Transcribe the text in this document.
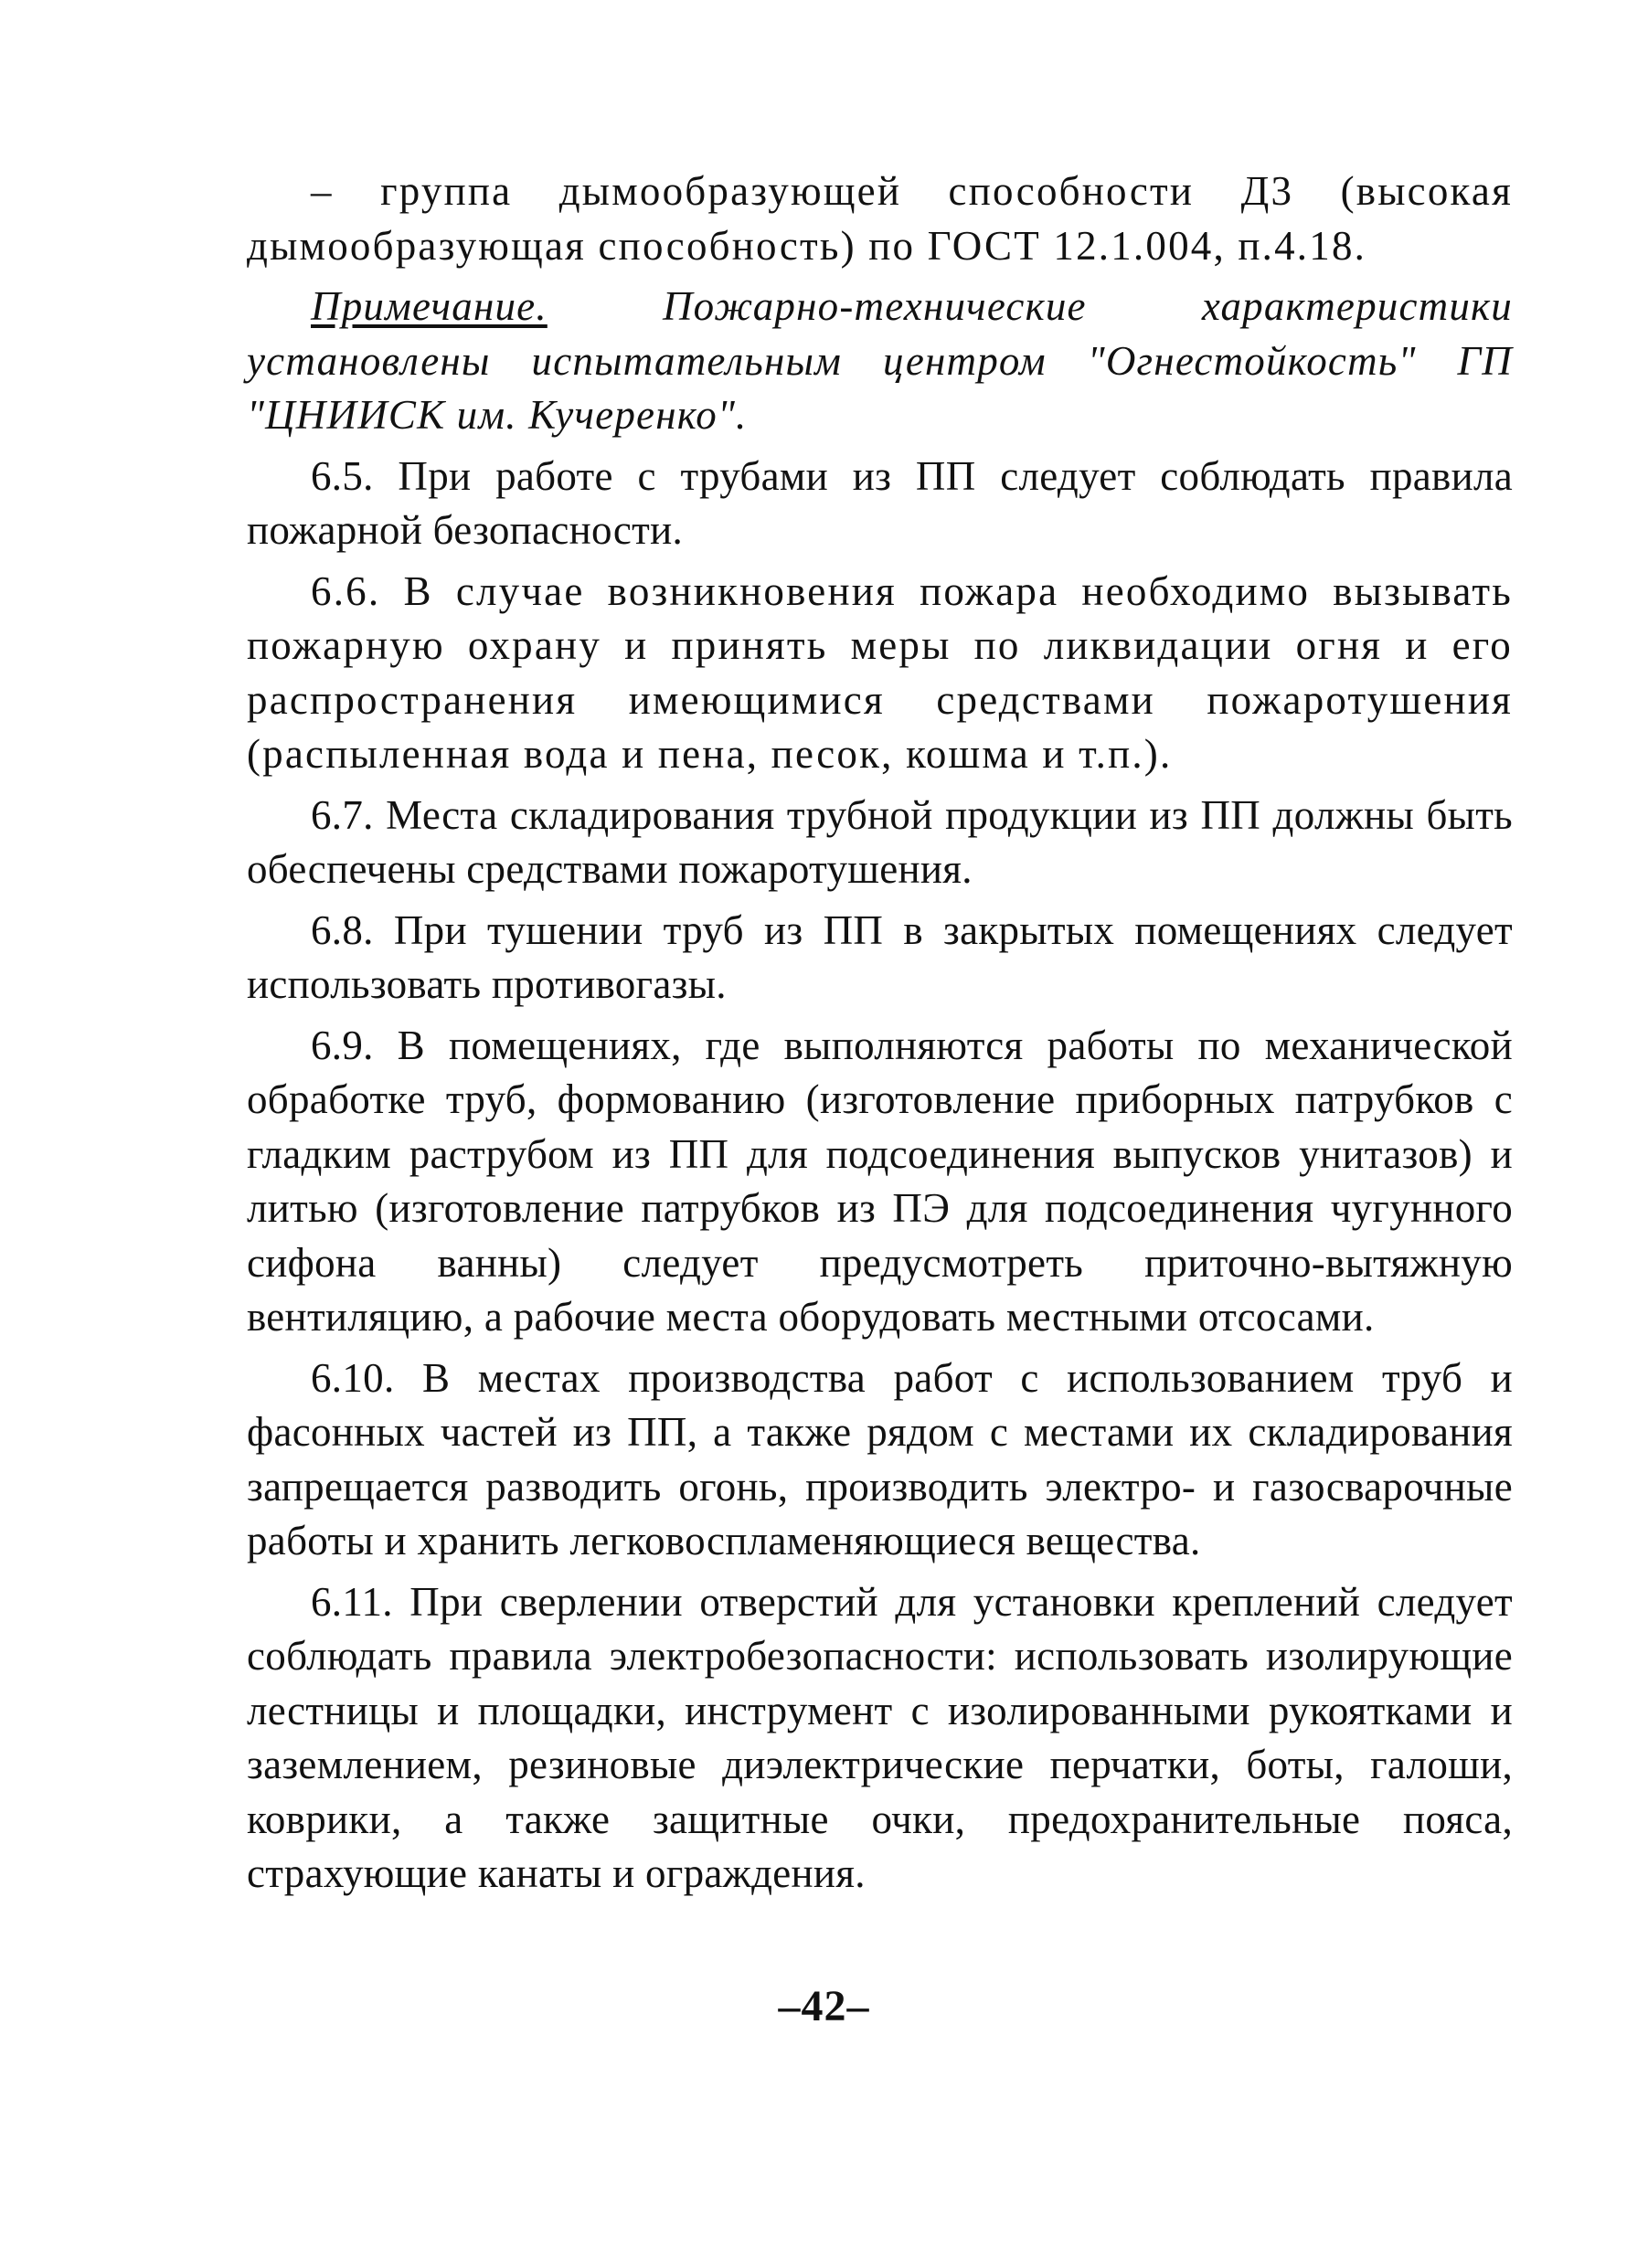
– группа дымообразующей способности Д3 (высокая дымообразующая способность) по ГОСТ 12.1.004, п.4.18.

Примечание. Пожарно-технические характеристики установлены испытательным центром "Огнестойкость" ГП "ЦНИИСК им. Кучеренко".

6.5. При работе с трубами из ПП следует соблюдать правила пожарной безопасности.

6.6. В случае возникновения пожара необходимо вызывать пожарную охрану и принять меры по ликвидации огня и его распространения имеющимися средствами пожаротушения (распыленная вода и пена, песок, кошма и т.п.).

6.7. Места складирования трубной продукции из ПП должны быть обеспечены средствами пожаротушения.

6.8. При тушении труб из ПП в закрытых помещениях следует использовать противогазы.

6.9. В помещениях, где выполняются работы по механической обработке труб, формованию (изготовление приборных патрубков с гладким раструбом из ПП для подсоединения выпусков унитазов) и литью (изготовление патрубков из ПЭ для подсоединения чугунного сифона ванны) следует предусмотреть приточно-вытяжную вентиляцию, а рабочие места оборудовать местными отсосами.

6.10. В местах производства работ с использованием труб и фасонных частей из ПП, а также рядом с местами их складирования запрещается разводить огонь, производить электро- и газосварочные работы и хранить легковоспламеняющиеся вещества.

6.11. При сверлении отверстий для установки креплений следует соблюдать правила электробезопасности: использовать изолирующие лестницы и площадки, инструмент с изолированными рукоятками и заземлением, резиновые диэлектрические перчатки, боты, галоши, коврики, а также защитные очки, предохранительные пояса, страхующие канаты и ограждения.

–42–
